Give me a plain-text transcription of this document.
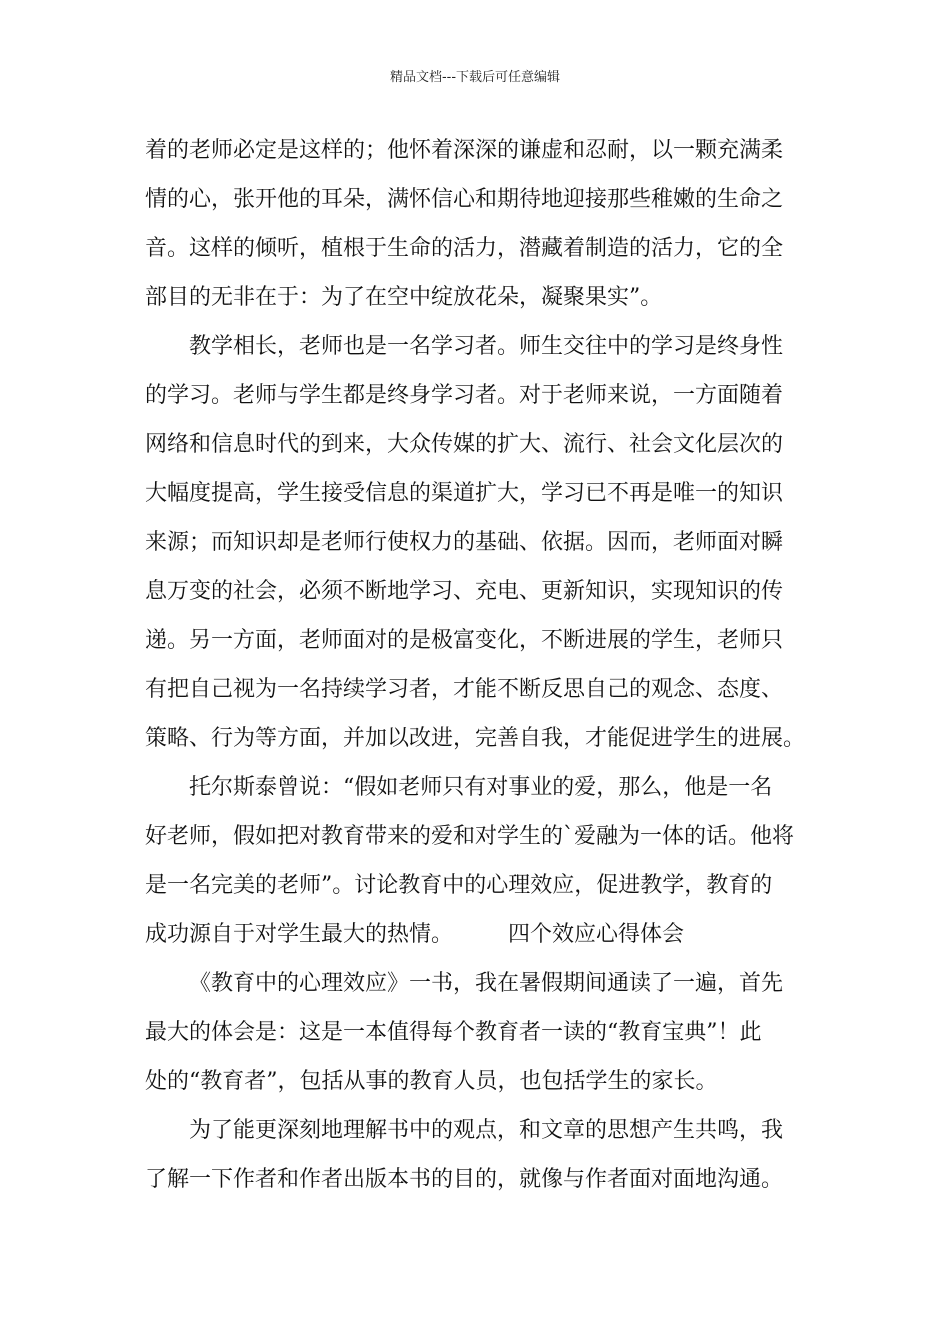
精品文档---下载后可任意编辑
着的老师必定是这样的；他怀着深深的谦虚和忍耐，以一颗充满柔
情的心，张开他的耳朵，满怀信心和期待地迎接那些稚嫩的生命之
音。这样的倾听，植根于生命的活力，潜藏着制造的活力，它的全
部目的无非在于：为了在空中绽放花朵，凝聚果实”。
教学相长，老师也是一名学习者。师生交往中的学习是终身性
的学习。老师与学生都是终身学习者。对于老师来说，一方面随着
网络和信息时代的到来，大众传媒的扩大、流行、社会文化层次的
大幅度提高，学生接受信息的渠道扩大，学习已不再是唯一的知识
来源；而知识却是老师行使权力的基础、依据。因而，老师面对瞬
息万变的社会，必须不断地学习、充电、更新知识，实现知识的传
递。另一方面，老师面对的是极富变化，不断进展的学生，老师只
有把自己视为一名持续学习者，才能不断反思自己的观念、态度、
策略、行为等方面，并加以改进，完善自我，才能促进学生的进展。
托尔斯泰曾说：“假如老师只有对事业的爱，那么，他是一名
好老师，假如把对教育带来的爱和对学生的`爱融为一体的话。他将
是一名完美的老师”。讨论教育中的心理效应，促进教学，教育的
成功源自于对学生最大的热情。　　　四个效应心得体会
《教育中的心理效应》一书，我在暑假期间通读了一遍，首先
最大的体会是：这是一本值得每个教育者一读的“教育宝典”！此
处的“教育者”，包括从事的教育人员，也包括学生的家长。
为了能更深刻地理解书中的观点，和文章的思想产生共鸣，我
了解一下作者和作者出版本书的目的，就像与作者面对面地沟通。
